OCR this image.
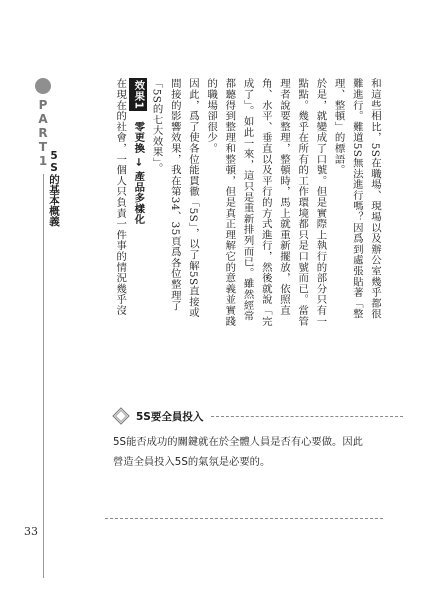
PART1
5S的基本概義	和這些相比，5S在職場、現場以及辦公室幾乎都很難進行。難道5S無法進行嗎？因爲到處張貼著「整理、整頓」的標語。

於是，就變成了口號。但是實際上執行的部分只有一點點。幾乎在所有的工作環境都只是口號而已。當管理者說要整理，整頓時，馬上就重新擺放，依照直角、水平、垂直以及平行的方式進行，然後就說「完成了」。如此一來，這只是重新排列而已。雖然經常都聽得到整理和整頓，但是真正理解它的意義並實踐的職場卻很少。

因此，爲了使各位能貫徹「5S」，以了解5S直接或間接的影響效果，我在第34、35頁爲各位整理了「5S的七大效果」。

效果1 零更換 → 產品多樣化

在現在的社會，一個人只負責一件事的情況幾乎沒

5S要全員投入
5S能否成功的關鍵就在於全體人員是否有心要做。因此營造全員投入5S的氣氛是必要的。
33
